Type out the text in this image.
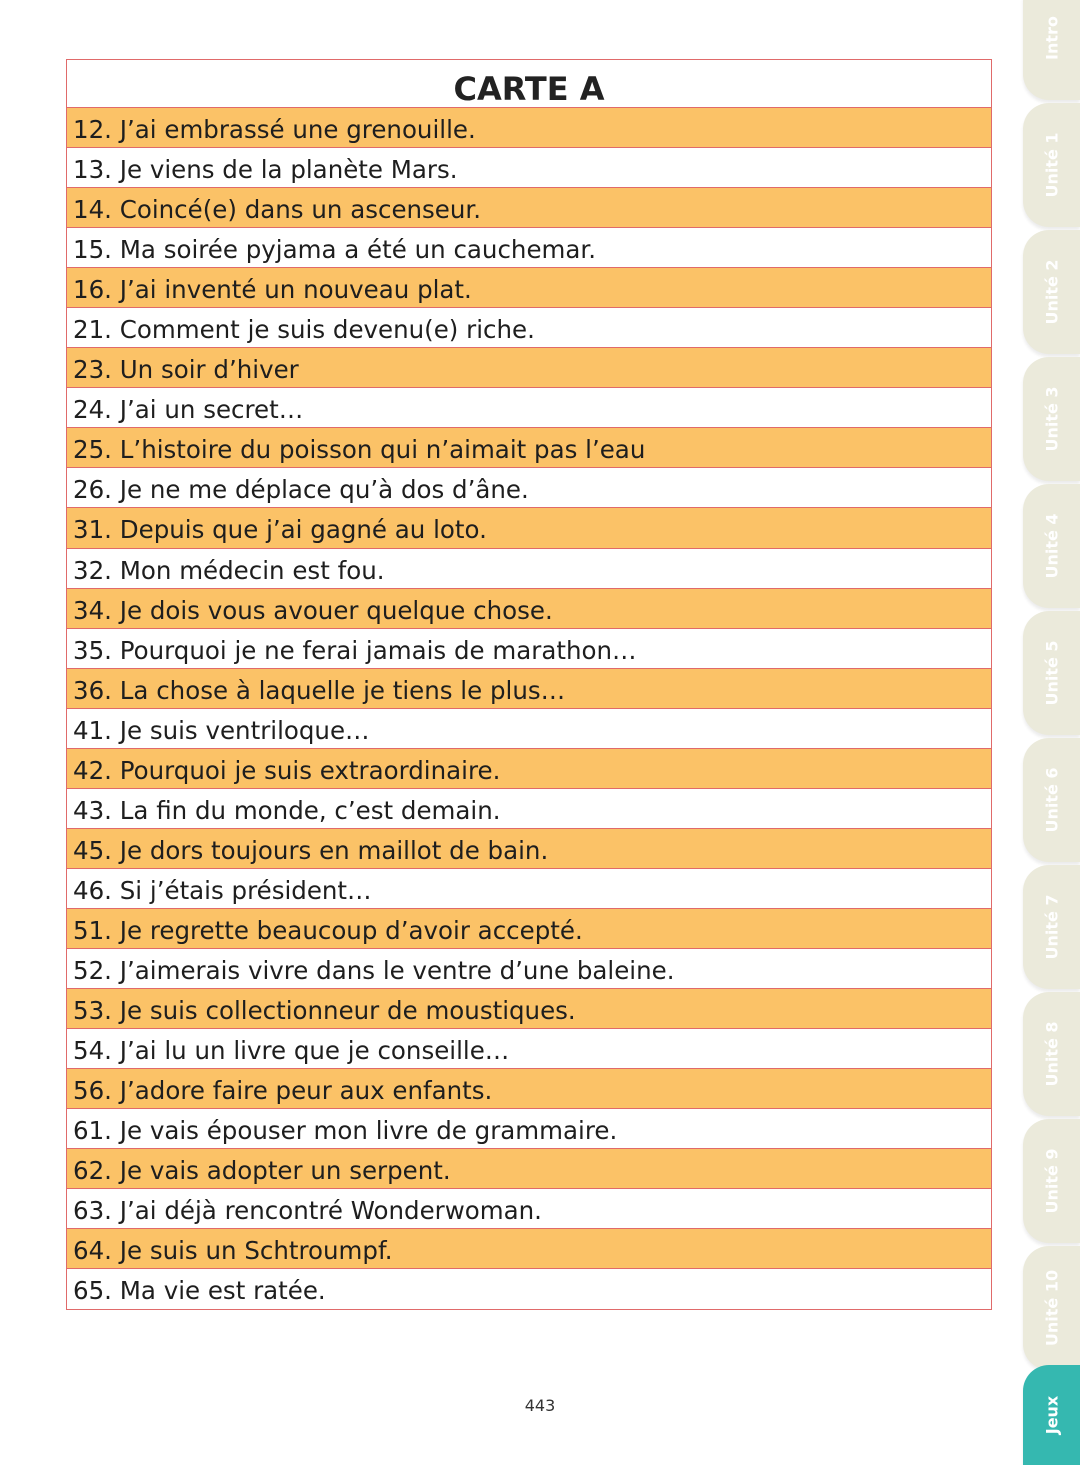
CARTE A
12. J’ai embrassé une grenouille.
13. Je viens de la planète Mars.
14. Coincé(e) dans un ascenseur.
15. Ma soirée pyjama a été un cauchemar.
16. J’ai inventé un nouveau plat.
21. Comment je suis devenu(e) riche.
23. Un soir d’hiver
24. J’ai un secret…
25. L’histoire du poisson qui n’aimait pas l’eau
26. Je ne me déplace qu’à dos d’âne.
31. Depuis que j’ai gagné au loto.
32. Mon médecin est fou.
34. Je dois vous avouer quelque chose.
35. Pourquoi je ne ferai jamais de marathon…
36. La chose à laquelle je tiens le plus…
41. Je suis ventriloque…
42. Pourquoi je suis extraordinaire.
43. La fin du monde, c’est demain.
45. Je dors toujours en maillot de bain.
46. Si j’étais président…
51. Je regrette beaucoup d’avoir accepté.
52. J’aimerais vivre dans le ventre d’une baleine.
53. Je suis collectionneur de moustiques.
54. J’ai lu un livre que je conseille…
56. J’adore faire peur aux enfants.
61. Je vais épouser mon livre de grammaire.
62. Je vais adopter un serpent.
63. J’ai déjà rencontré Wonderwoman.
64. Je suis un Schtroumpf.
65. Ma vie est ratée.
443
Intro
Unité 1
Unité 2
Unité 3
Unité 4
Unité 5
Unité 6
Unité 7
Unité 8
Unité 9
Unité 10
Jeux
